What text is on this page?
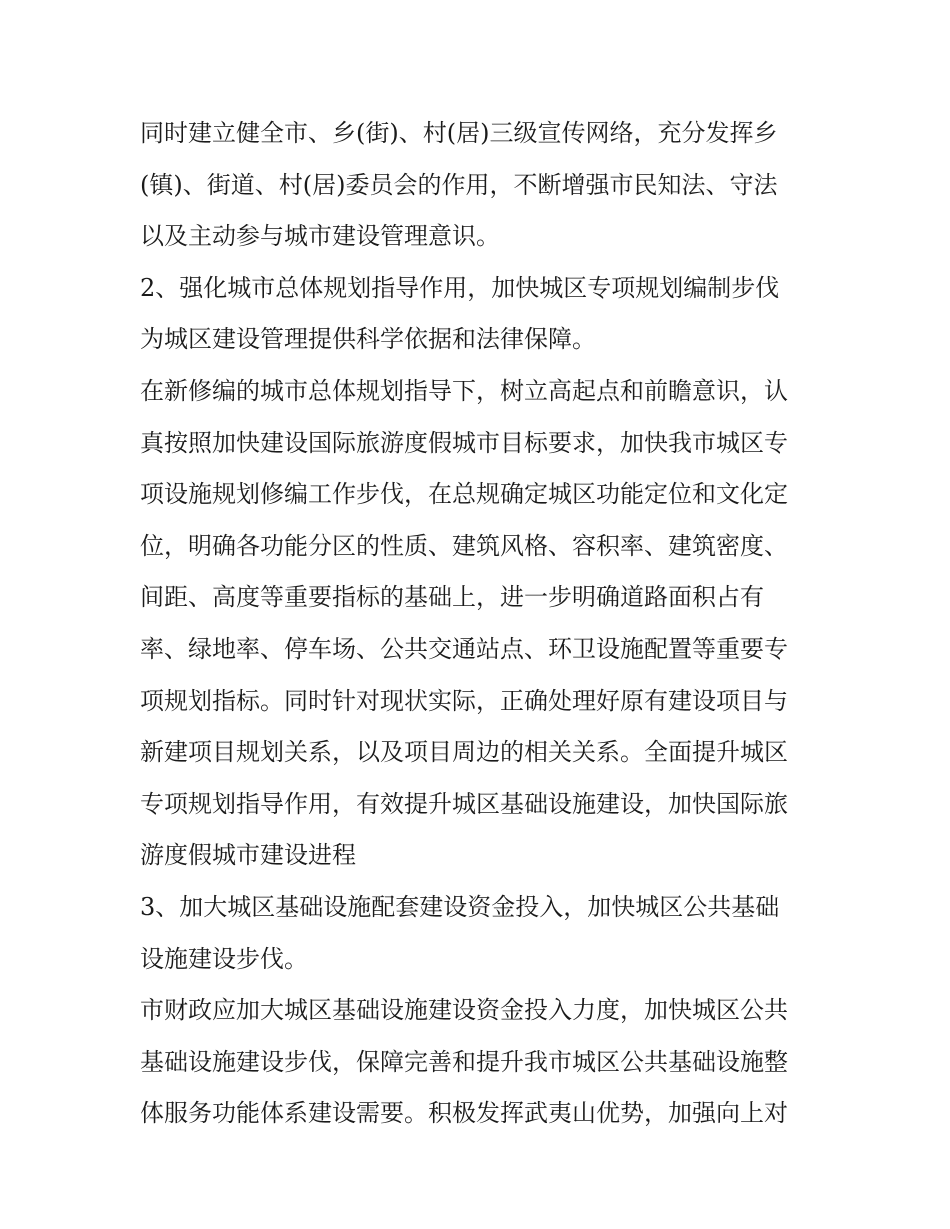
同时建立健全市、乡(街)、村(居)三级宣传网络，充分发挥乡
(镇)、街道、村(居)委员会的作用，不断增强市民知法、守法
以及主动参与城市建设管理意识。
2、强化城市总体规划指导作用，加快城区专项规划编制步伐
为城区建设管理提供科学依据和法律保障。
在新修编的城市总体规划指导下，树立高起点和前瞻意识，认
真按照加快建设国际旅游度假城市目标要求，加快我市城区专
项设施规划修编工作步伐，在总规确定城区功能定位和文化定
位，明确各功能分区的性质、建筑风格、容积率、建筑密度、
间距、高度等重要指标的基础上，进一步明确道路面积占有
率、绿地率、停车场、公共交通站点、环卫设施配置等重要专
项规划指标。同时针对现状实际，正确处理好原有建设项目与
新建项目规划关系，以及项目周边的相关关系。全面提升城区
专项规划指导作用，有效提升城区基础设施建设，加快国际旅
游度假城市建设进程
3、加大城区基础设施配套建设资金投入，加快城区公共基础
设施建设步伐。
市财政应加大城区基础设施建设资金投入力度，加快城区公共
基础设施建设步伐，保障完善和提升我市城区公共基础设施整
体服务功能体系建设需要。积极发挥武夷山优势，加强向上对
